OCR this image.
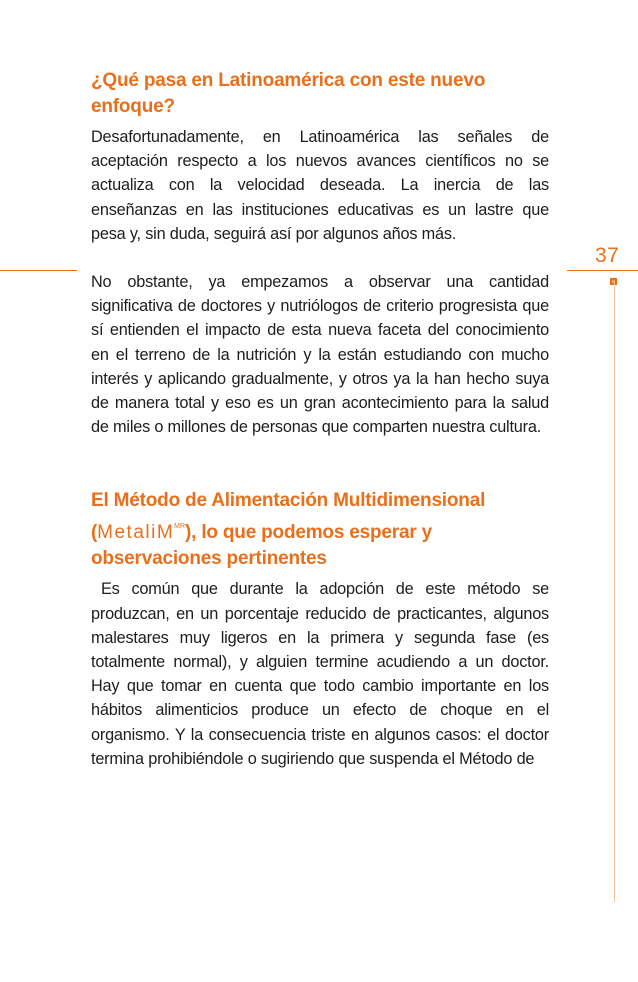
37
¿Qué pasa en Latinoamérica con este nuevo enfoque?

Desafortunadamente, en Latinoamérica las señales de aceptación respecto a los nuevos avances científicos no se actualiza con la velocidad deseada. La inercia de las enseñanzas en las instituciones educativas es un lastre que pesa y, sin duda, seguirá así por algunos años más.

No obstante, ya empezamos a observar una cantidad significativa de doctores y nutriólogos de criterio progresista que sí entienden el impacto de esta nueva faceta del conocimiento en el terreno de la nutrición y la están estudiando con mucho interés y aplicando gradualmente, y otros ya la han hecho suya de manera total y eso es un gran acontecimiento para la salud de miles o millones de personas que comparten nuestra cultura.

El Método de Alimentación Multidimensional (MetaliM$^{MR}$), lo que podemos esperar y observaciones pertinentes

Es común que durante la adopción de este método se produzcan, en un porcentaje reducido de practicantes, algunos malestares muy ligeros en la primera y segunda fase (es totalmente normal), y alguien termine acudiendo a un doctor. Hay que tomar en cuenta que todo cambio importante en los hábitos alimenticios produce un efecto de choque en el organismo. Y la consecuencia triste en algunos casos: el doctor termina prohibiéndole o sugiriendo que suspenda el Método de
